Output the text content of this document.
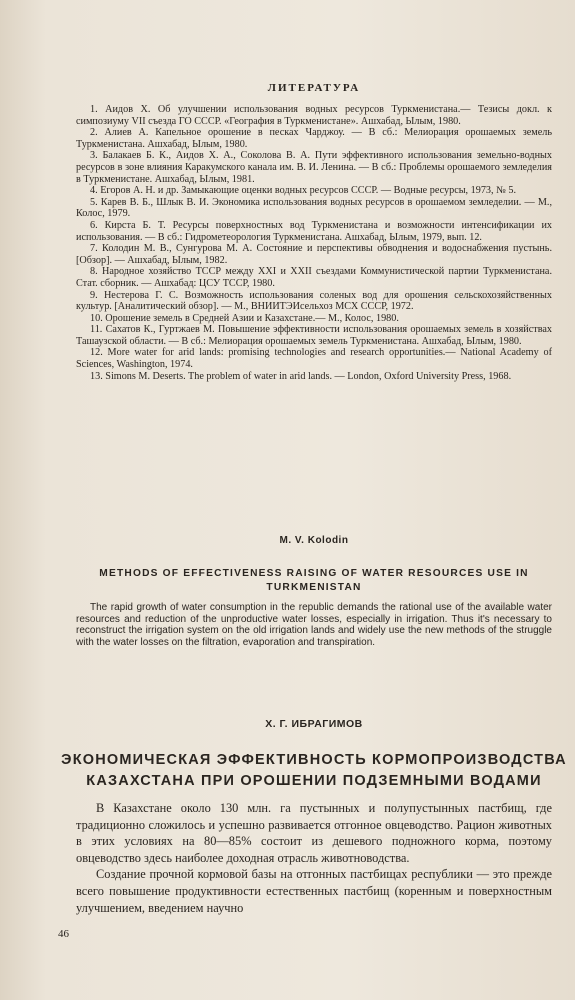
ЛИТЕРАТУРА

1. Аидов Х. Об улучшении использования водных ресурсов Туркменистана.— Тезисы докл. к симпозиуму VII съезда ГО СССР. «География в Туркменистане». Ашхабад, Ылым, 1980.

2. Алиев А. Капельное орошение в песках Чарджоу. — В сб.: Мелиорация орошаемых земель Туркменистана. Ашхабад, Ылым, 1980.

3. Балакаев Б. К., Аидов Х. А., Соколова В. А. Пути эффективного использования земельно-водных ресурсов в зоне влияния Каракумского канала им. В. И. Ленина. — В сб.: Проблемы орошаемого земледелия в Туркменистане. Ашхабад, Ылым, 1981.

4. Егоров А. Н. и др. Замыкающие оценки водных ресурсов СССР. — Водные ресурсы, 1973, № 5.

5. Карев В. Б., Шлык В. И. Экономика использования водных ресурсов в орошаемом земледелии. — М., Колос, 1979.

6. Кирста Б. Т. Ресурсы поверхностных вод Туркменистана и возможности интенсификации их использования. — В сб.: Гидрометеорология Туркменистана. Ашхабад, Ылым, 1979, вып. 12.

7. Колодин М. В., Сунгурова М. А. Состояние и перспективы обводнения и водоснабжения пустынь. [Обзор]. — Ашхабад, Ылым, 1982.

8. Народное хозяйство ТССР между XXI и XXII съездами Коммунистической партии Туркменистана. Стат. сборник. — Ашхабад: ЦСУ ТССР, 1980.

9. Нестерова Г. С. Возможность использования соленых вод для орошения сельскохозяйственных культур. [Аналитический обзор]. — М., ВНИИТЭИсельхоз МСХ СССР, 1972.

10. Орошение земель в Средней Азии и Казахстане.— М., Колос, 1980.

11. Сахатов К., Гуртжаев М. Повышение эффективности использования орошаемых земель в хозяйствах Ташаузской области. — В сб.: Мелиорация орошаемых земель Туркменистана. Ашхабад, Ылым, 1980.

12. More water for arid lands: promising technologies and research opportunities.— National Academy of Sciences, Washington, 1974.

13. Simons M. Deserts. The problem of water in arid lands. — London, Oxford University Press, 1968.

M. V. Kolodin
METHODS OF EFFECTIVENESS RAISING OF WATER RESOURCES USE IN TURKMENISTAN

The rapid growth of water consumption in the republic demands the rational use of the available water resources and reduction of the unproductive water losses, especially in irrigation. Thus it's necessary to reconstruct the irrigation system on the old irrigation lands and widely use the new methods of the struggle with the water losses on the filtration, evaporation and transpiration.

Х. Г. ИБРАГИМОВ
ЭКОНОМИЧЕСКАЯ ЭФФЕКТИВНОСТЬ КОРМОПРОИЗВОДСТВА КАЗАХСТАНА ПРИ ОРОШЕНИИ ПОДЗЕМНЫМИ ВОДАМИ

В Казахстане около 130 млн. га пустынных и полупустынных пастбищ, где традиционно сложилось и успешно развивается отгонное овцеводство. Рацион животных в этих условиях на 80—85% состоит из дешевого подножного корма, поэтому овцеводство здесь наиболее доходная отрасль животноводства.

Создание прочной кормовой базы на отгонных пастбищах республики — это прежде всего повышение продуктивности естественных пастбищ (коренным и поверхностным улучшением, введением научно

46
